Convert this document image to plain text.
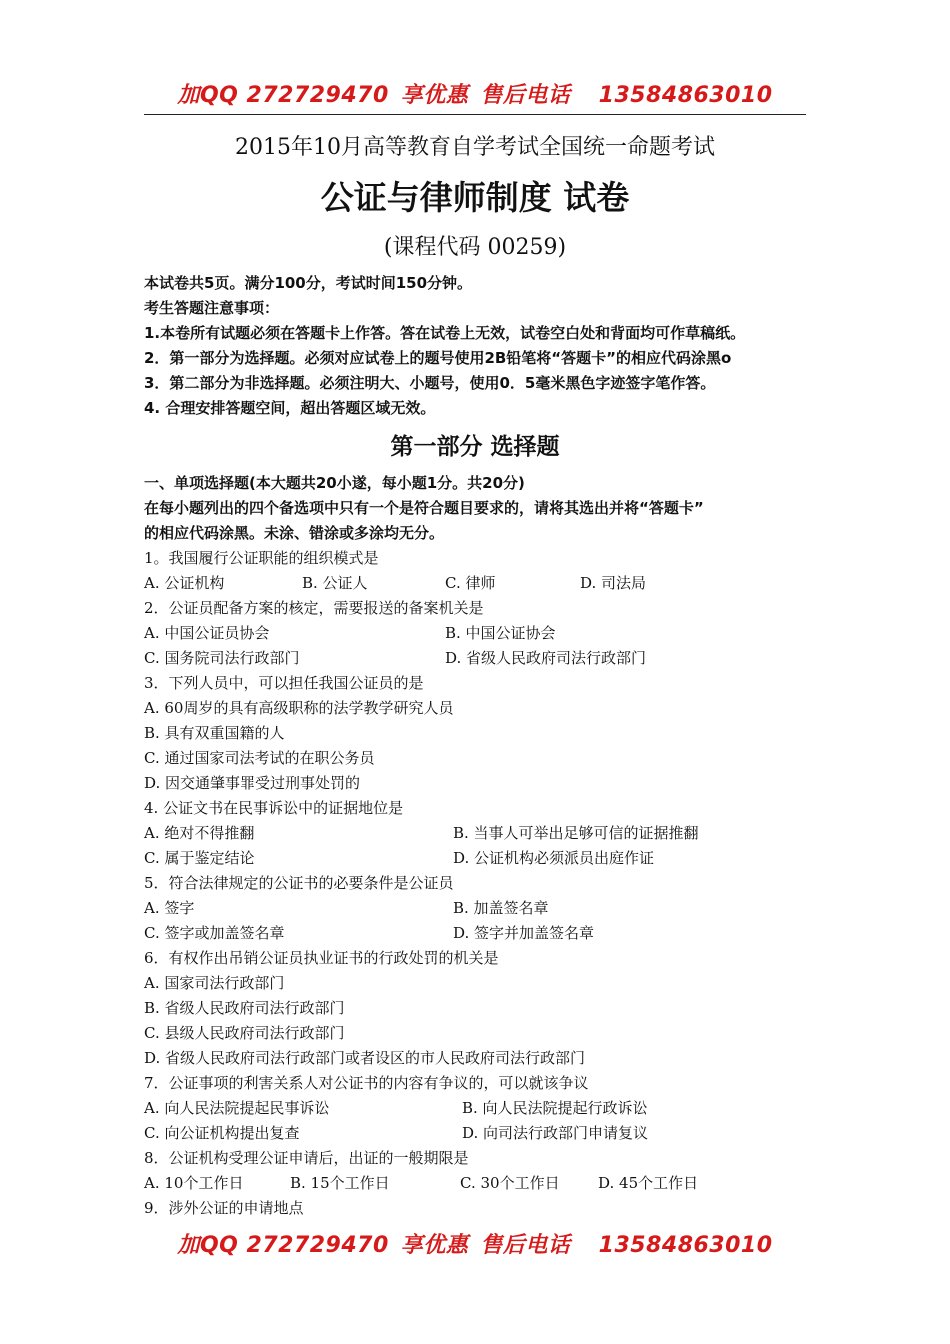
加QQ 272729470 享优惠 售后电话 13584863010
2015年10月高等教育自学考试全国统一命题考试
公证与律师制度 试卷
(课程代码 00259)
本试卷共5页。满分100分，考试时间150分钟。
考生答题注意事项：
1.本卷所有试题必须在答题卡上作答。答在试卷上无效，试卷空白处和背面均可作草稿纸。
2．第一部分为选择题。必须对应试卷上的题号使用2B铅笔将“答题卡”的相应代码涂黑o
3．第二部分为非选择题。必须注明大、小题号，使用0．5毫米黑色字迹签字笔作答。
4. 合理安排答题空间，超出答题区域无效。
第一部分 选择题
一、单项选择题(本大题共20小遂，每小题1分。共20分)
在每小题列出的四个备选项中只有一个是符合题目要求的，请将其选出并将“答题卡”
的相应代码涂黑。未涂、错涂或多涂均无分。
1。我国履行公证职能的组织模式是
A. 公证机构	B. 公证人	C. 律师	D. 司法局
2．公证员配备方案的核定，需要报送的备案机关是
A. 中国公证员协会	B. 中国公证协会
C. 国务院司法行政部门	D. 省级人民政府司法行政部门
3．下列人员中，可以担任我国公证员的是
A. 60周岁的具有高级职称的法学教学研究人员
B. 具有双重国籍的人
C. 通过国家司法考试的在职公务员
D. 因交通肇事罪受过刑事处罚的
4. 公证文书在民事诉讼中的证据地位是
A. 绝对不得推翻	B. 当事人可举出足够可信的证据推翻
C. 属于鉴定结论	D. 公证机构必须派员出庭作证
5．符合法律规定的公证书的必要条件是公证员
A. 签字	B. 加盖签名章
C. 签字或加盖签名章	D. 签字并加盖签名章
6．有权作出吊销公证员执业证书的行政处罚的机关是
A. 国家司法行政部门
B. 省级人民政府司法行政部门
C. 县级人民政府司法行政部门
D. 省级人民政府司法行政部门或者设区的市人民政府司法行政部门
7．公证事项的利害关系人对公证书的内容有争议的，可以就该争议
A. 向人民法院提起民事诉讼	B. 向人民法院提起行政诉讼
C. 向公证机构提出复查	D. 向司法行政部门申请复议
8．公证机构受理公证申请后，出证的一般期限是
A. 10个工作日	B. 15个工作日	C. 30个工作日	D. 45个工作日
9．涉外公证的申请地点
加QQ 272729470 享优惠 售后电话 13584863010
